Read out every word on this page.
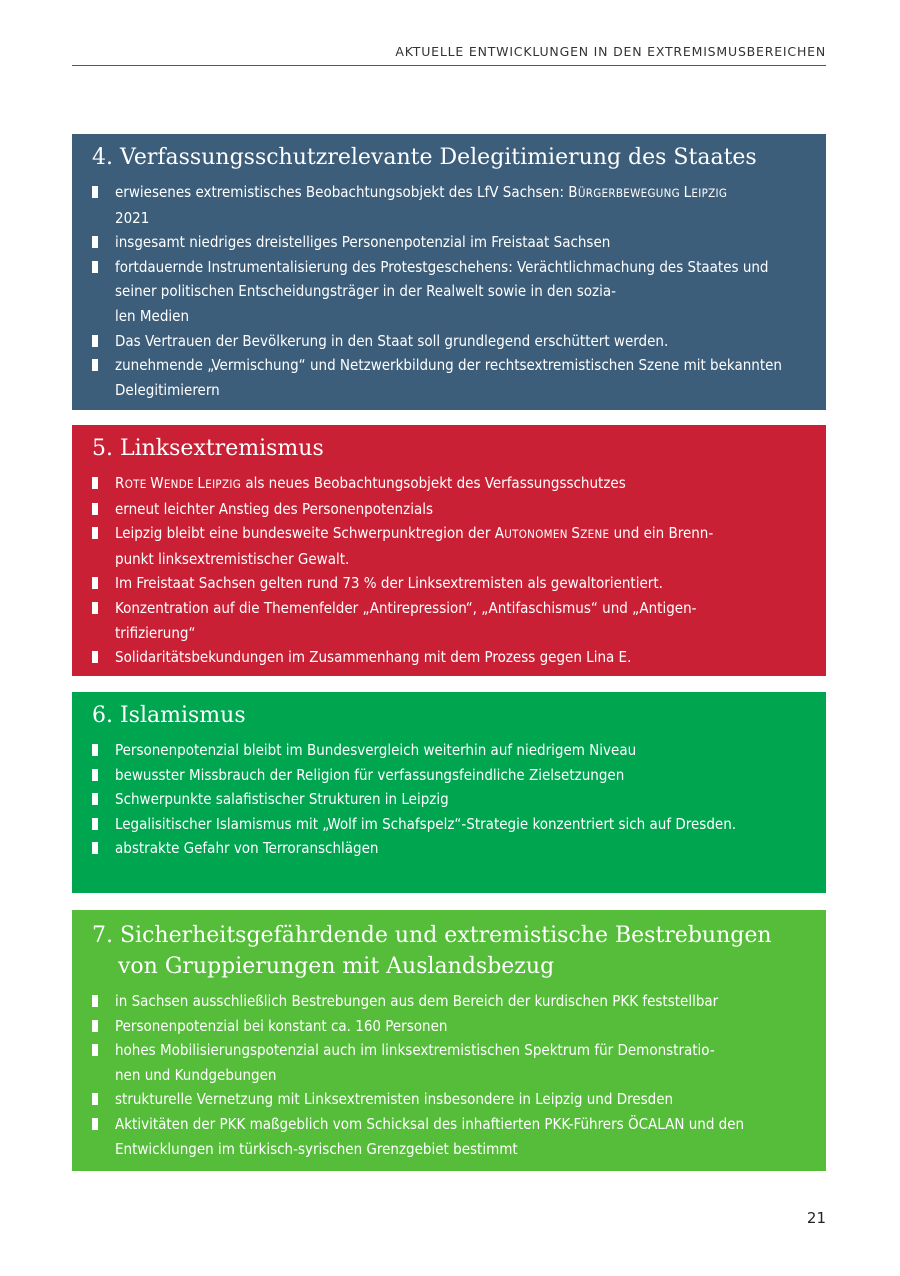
AKTUELLE ENTWICKLUNGEN IN DEN EXTREMISMUSBEREICHEN
4. Verfassungsschutzrelevante Delegitimierung des Staates
erwiesenes extremistisches Beobachtungsobjekt des LfV Sachsen: BÜRGERBEWEGUNG LEIPZIG
2021
insgesamt niedriges dreistelliges Personenpotenzial im Freistaat Sachsen
fortdauernde Instrumentalisierung des Protestgeschehens: Verächtlichmachung des Staates und seiner politischen Entscheidungsträger in der Realwelt sowie in den sozia-
len Medien
Das Vertrauen der Bevölkerung in den Staat soll grundlegend erschüttert werden.
zunehmende „Vermischung“ und Netzwerkbildung der rechtsextremistischen Szene mit bekannten Delegitimierern
5. Linksextremismus
ROTE WENDE LEIPZIG als neues Beobachtungsobjekt des Verfassungsschutzes
erneut leichter Anstieg des Personenpotenzials
Leipzig bleibt eine bundesweite Schwerpunktregion der AUTONOMEN SZENE und ein Brenn-
punkt linksextremistischer Gewalt.
Im Freistaat Sachsen gelten rund 73 % der Linksextremisten als gewaltorientiert.
Konzentration auf die Themenfelder „Antirepression“, „Antifaschismus“ und „Antigen-
trifizierung“
Solidaritätsbekundungen im Zusammenhang mit dem Prozess gegen Lina E.
6. Islamismus
Personenpotenzial bleibt im Bundesvergleich weiterhin auf niedrigem Niveau
bewusster Missbrauch der Religion für verfassungsfeindliche Zielsetzungen
Schwerpunkte salafistischer Strukturen in Leipzig
Legalisitischer Islamismus mit „Wolf im Schafspelz“-Strategie konzentriert sich auf Dresden.
abstrakte Gefahr von Terroranschlägen
7. Sicherheitsgefährdende und extremistische Bestrebungen von Gruppierungen mit Auslandsbezug
in Sachsen ausschließlich Bestrebungen aus dem Bereich der kurdischen PKK feststellbar
Personenpotenzial bei konstant ca. 160 Personen
hohes Mobilisierungspotenzial auch im linksextremistischen Spektrum für Demonstratio-
nen und Kundgebungen
strukturelle Vernetzung mit Linksextremisten insbesondere in Leipzig und Dresden
Aktivitäten der PKK maßgeblich vom Schicksal des inhaftierten PKK-Führers ÖCALAN und den Entwicklungen im türkisch-syrischen Grenzgebiet bestimmt
21
